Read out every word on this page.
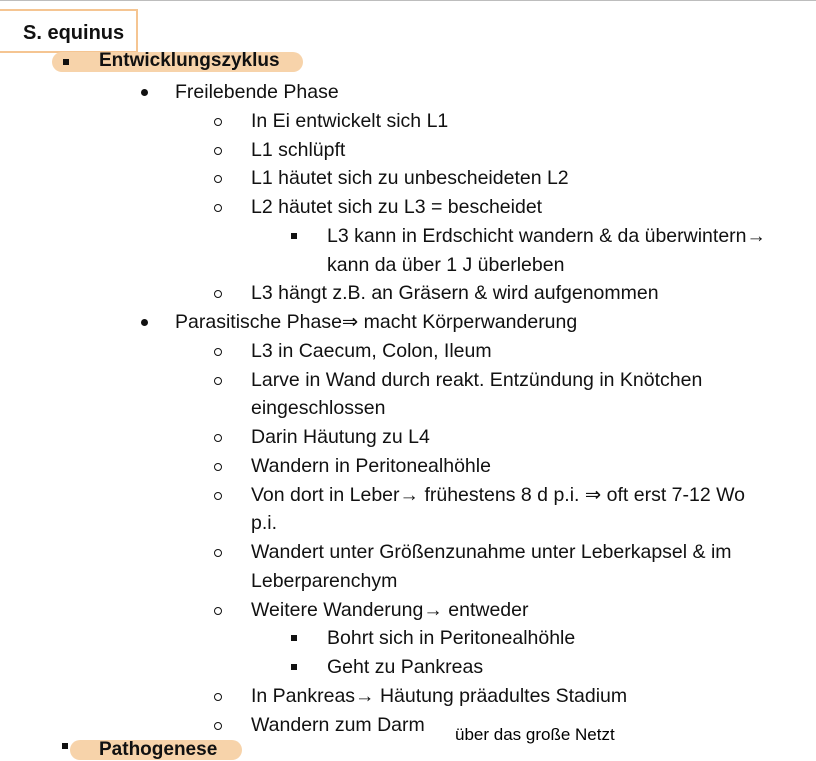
S. equinus
Entwicklungszyklus
Freilebende Phase
In Ei entwickelt sich L1
L1 schlüpft
L1 häutet sich zu unbescheideten L2
L2 häutet sich zu L3 = bescheidet
L3 kann in Erdschicht wandern & da überwintern→
kann da über 1 J überleben
L3 hängt z.B. an Gräsern & wird aufgenommen
Parasitische Phase⇒ macht Körperwanderung
L3 in Caecum, Colon, Ileum
Larve in Wand durch reakt. Entzündung in Knötchen
eingeschlossen
Darin Häutung zu L4
Wandern in Peritonealhöhle
Von dort in Leber→ frühestens 8 d p.i. ⇒ oft erst 7-12 Wo
p.i.
Wandert unter Größenzunahme unter Leberkapsel & im
Leberparenchym
Weitere Wanderung→ entweder
Bohrt sich in Peritonealhöhle
Geht zu Pankreas
In Pankreas→ Häutung präadultes Stadium
Wandern zum Darm über das große Netzt
Pathogenese
